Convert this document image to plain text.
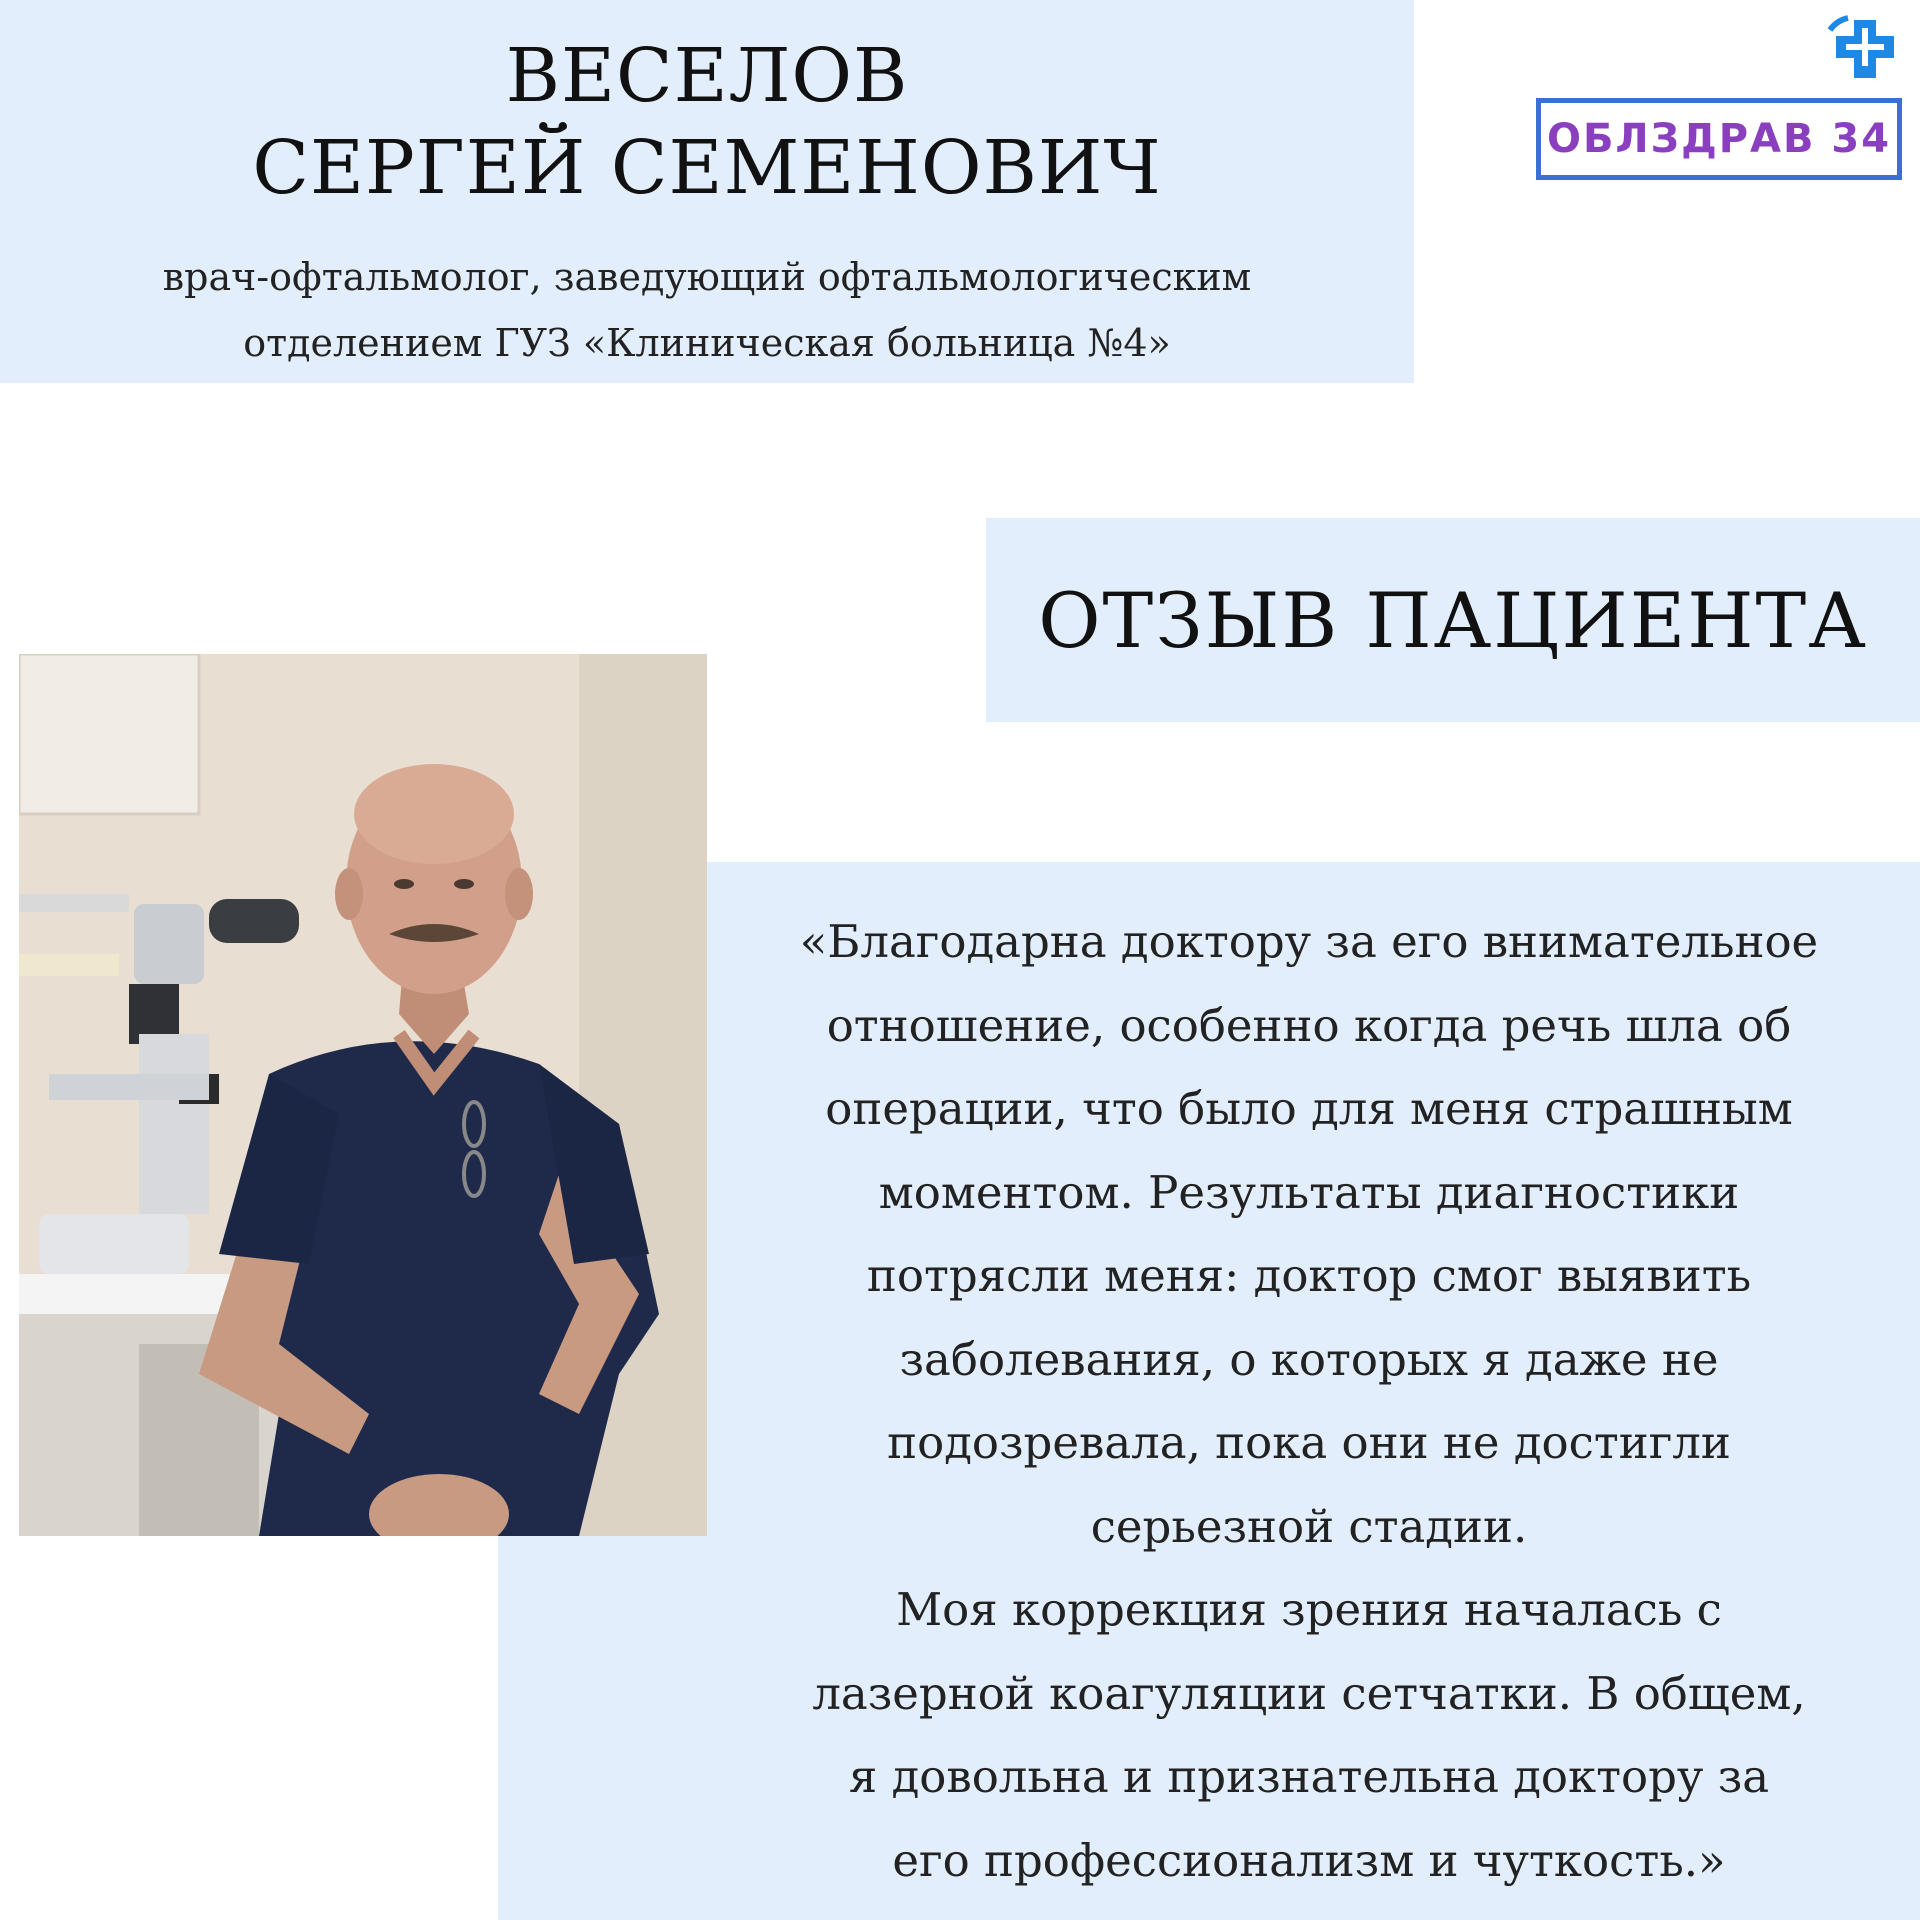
ВЕСЕЛОВ
СЕРГЕЙ СЕМЕНОВИЧ
врач-офтальмолог, заведующий офтальмологическим
отделением ГУЗ «Клиническая больница №4»
ОБЛЗДРАВ 34
ОТЗЫВ ПАЦИЕНТА
«Благодарна доктору за его внимательное
отношение, особенно когда речь шла об
операции, что было для меня страшным
моментом. Результаты диагностики
потрясли меня: доктор смог выявить
заболевания, о которых я даже не
подозревала, пока они не достигли
серьезной стадии.
Моя коррекция зрения началась с
лазерной коагуляции сетчатки. В общем,
я довольна и признательна доктору за
его профессионализм и чуткость.»
